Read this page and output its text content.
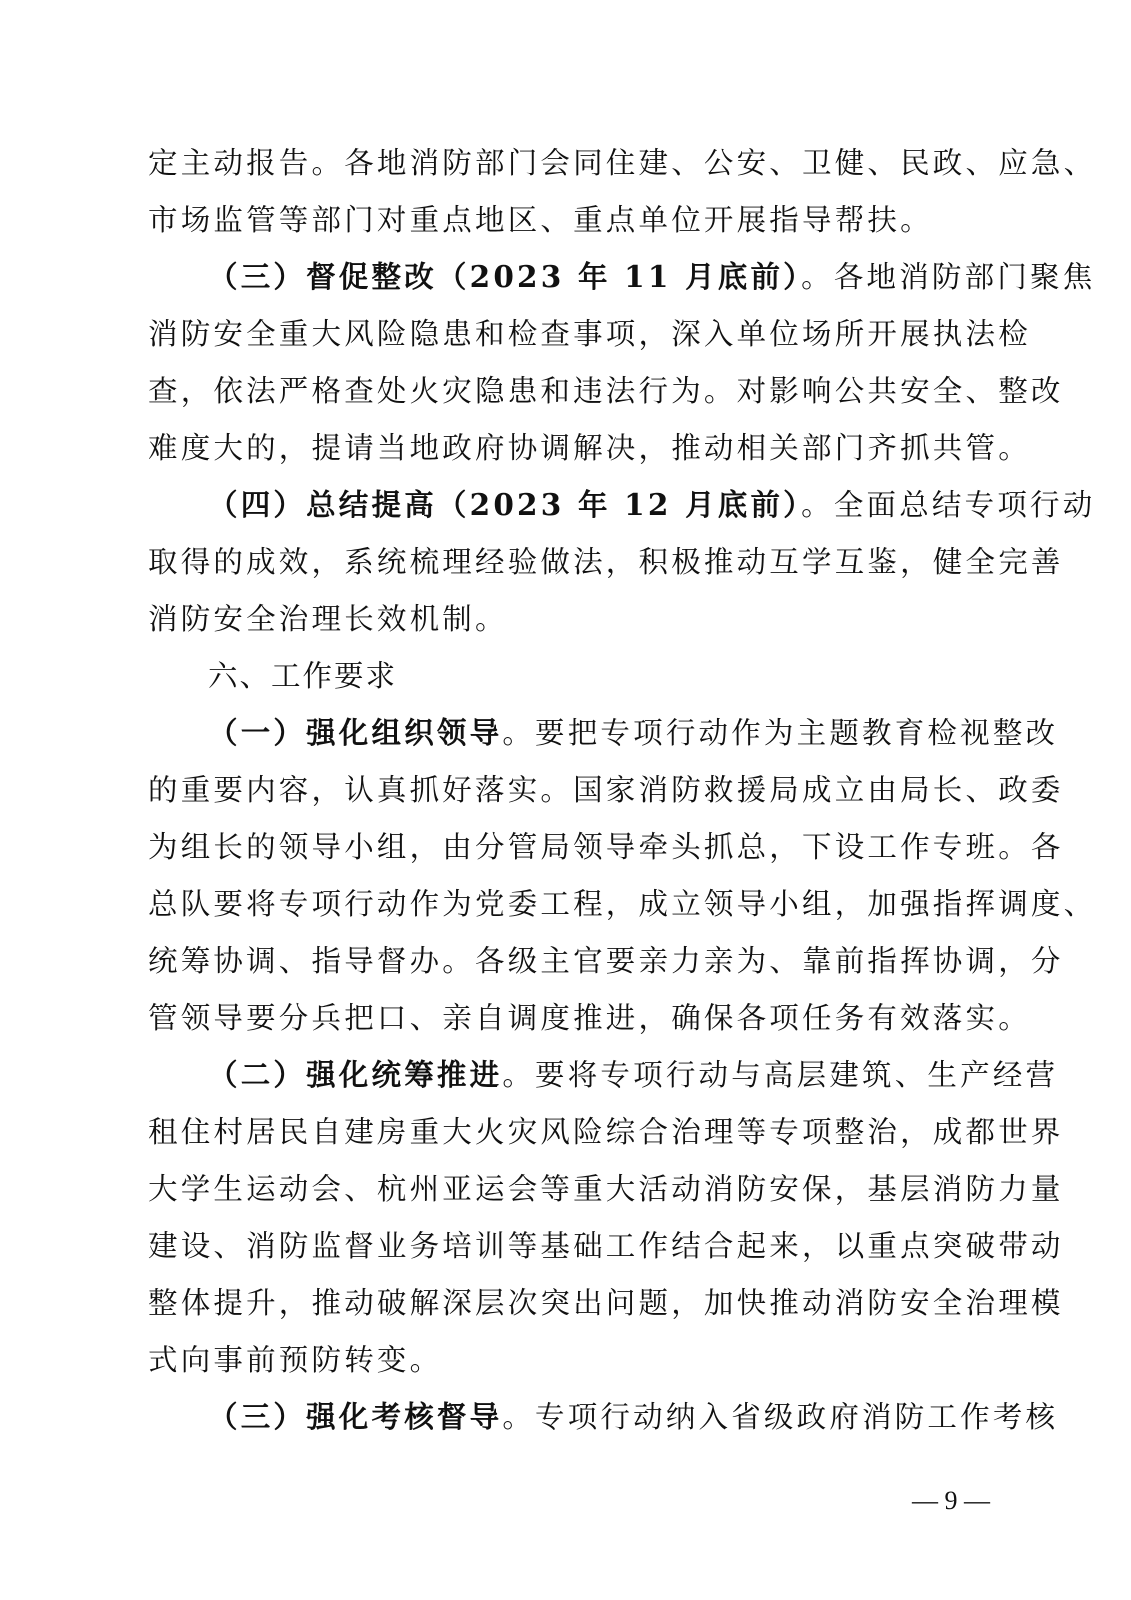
定主动报告。各地消防部门会同住建、公安、卫健、民政、应急、
市场监管等部门对重点地区、重点单位开展指导帮扶。
（三）督促整改（2023 年 11 月底前）。各地消防部门聚焦
消防安全重大风险隐患和检查事项，深入单位场所开展执法检
查，依法严格查处火灾隐患和违法行为。对影响公共安全、整改
难度大的，提请当地政府协调解决，推动相关部门齐抓共管。
（四）总结提高（2023 年 12 月底前）。全面总结专项行动
取得的成效，系统梳理经验做法，积极推动互学互鉴，健全完善
消防安全治理长效机制。
六、工作要求
（一）强化组织领导。要把专项行动作为主题教育检视整改
的重要内容，认真抓好落实。国家消防救援局成立由局长、政委
为组长的领导小组，由分管局领导牵头抓总，下设工作专班。各
总队要将专项行动作为党委工程，成立领导小组，加强指挥调度、
统筹协调、指导督办。各级主官要亲力亲为、靠前指挥协调，分
管领导要分兵把口、亲自调度推进，确保各项任务有效落实。
（二）强化统筹推进。要将专项行动与高层建筑、生产经营
租住村居民自建房重大火灾风险综合治理等专项整治，成都世界
大学生运动会、杭州亚运会等重大活动消防安保，基层消防力量
建设、消防监督业务培训等基础工作结合起来，以重点突破带动
整体提升，推动破解深层次突出问题，加快推动消防安全治理模
式向事前预防转变。
（三）强化考核督导。专项行动纳入省级政府消防工作考核
— 9 —
